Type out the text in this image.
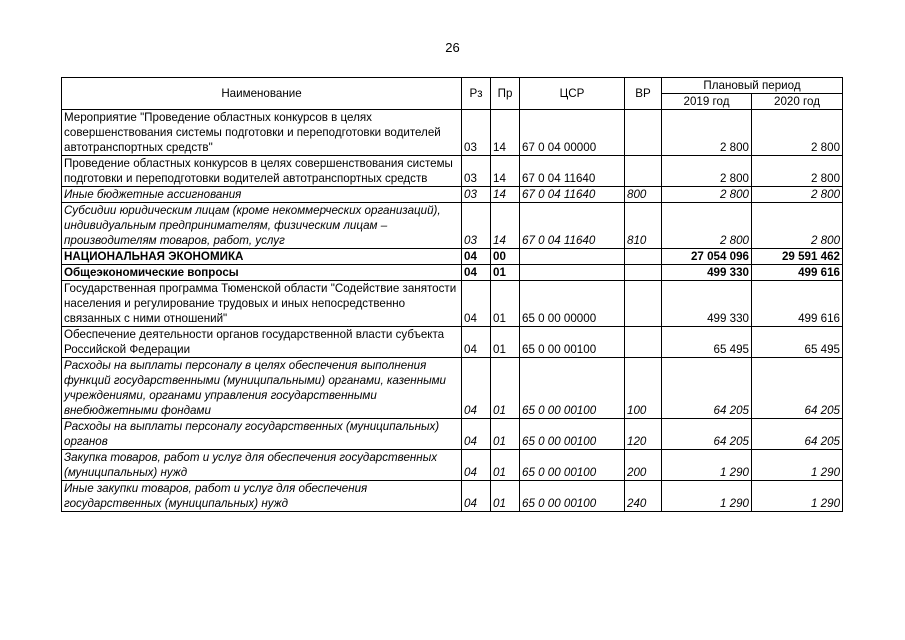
26
Наименование	Рз	Пр	ЦСР	ВР	Плановый период	
					2019 год	2020 год
Мероприятие "Проведение областных конкурсов в целях совершенствования системы подготовки и переподготовки водителей автотранспортных средств"	03	14	67 0 04 00000		2 800	2 800
Проведение областных конкурсов в целях совершенствования системы подготовки и переподготовки водителей автотранспортных средств	03	14	67 0 04 11640		2 800	2 800
Иные бюджетные ассигнования	03	14	67 0 04 11640	800	2 800	2 800
Субсидии юридическим лицам (кроме некоммерческих организаций), индивидуальным предпринимателям, физическим лицам – производителям товаров, работ, услуг	03	14	67 0 04 11640	810	2 800	2 800
НАЦИОНАЛЬНАЯ ЭКОНОМИКА	04	00			27 054 096	29 591 462
Общеэкономические вопросы	04	01			499 330	499 616
Государственная программа Тюменской области "Содействие занятости населения и регулирование трудовых и иных непосредственно связанных с ними отношений"	04	01	65 0 00 00000		499 330	499 616
Обеспечение деятельности органов государственной власти субъекта Российской Федерации	04	01	65 0 00 00100		65 495	65 495
Расходы на выплаты персоналу в целях обеспечения выполнения функций государственными (муниципальными) органами, казенными учреждениями, органами управления государственными внебюджетными фондами	04	01	65 0 00 00100	100	64 205	64 205
Расходы на выплаты персоналу государственных (муниципальных) органов	04	01	65 0 00 00100	120	64 205	64 205
Закупка товаров, работ и услуг для обеспечения государственных (муниципальных) нужд	04	01	65 0 00 00100	200	1 290	1 290
Иные закупки товаров, работ и услуг для обеспечения государственных (муниципальных) нужд	04	01	65 0 00 00100	240	1 290	1 290
